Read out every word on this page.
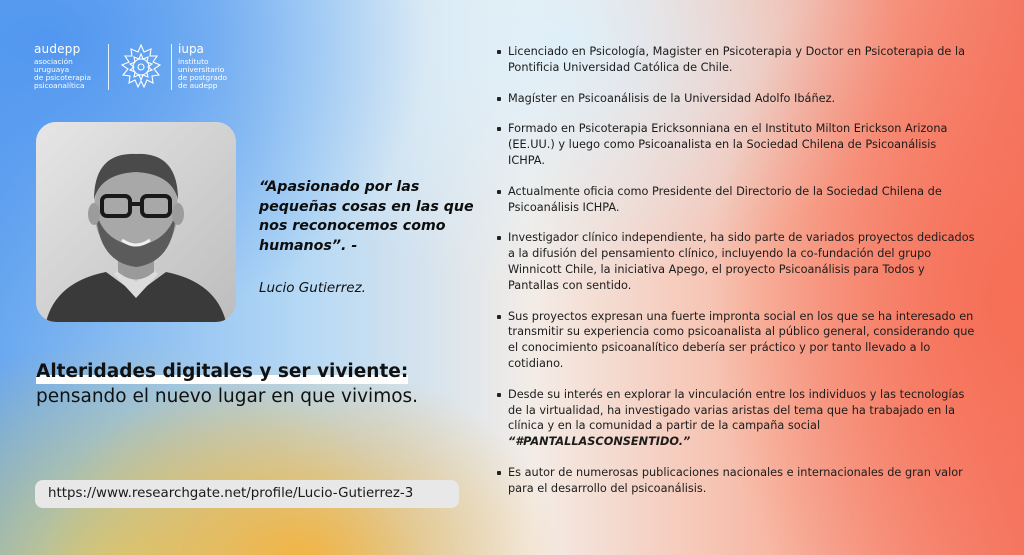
audepp
asociación
uruguaya
de psicoterapia
psicoanalítica
iupa
instituto
universitario
de postgrado
de audepp
“Apasionado por las pequeñas cosas en las que nos reconocemos como humanos”. -
Lucio Gutierrez.
Alteridades digitales y ser viviente:
pensando el nuevo lugar en que vivimos.
https://www.researchgate.net/profile/Lucio-Gutierrez-3
Licenciado en Psicología, Magister en Psicoterapia y Doctor en Psicoterapia de la Pontificia Universidad Católica de Chile.
Magíster en Psicoanálisis de la Universidad Adolfo Ibáñez.
Formado en Psicoterapia Ericksonniana en el Instituto Milton Erickson Arizona (EE.UU.) y luego como Psicoanalista en la Sociedad Chilena de Psicoanálisis ICHPA.
Actualmente oficia como Presidente del Directorio de la Sociedad Chilena de Psicoanálisis ICHPA.
Investigador clínico independiente, ha sido parte de variados proyectos dedicados a la difusión del pensamiento clínico, incluyendo la co-fundación del grupo Winnicott Chile, la iniciativa Apego, el proyecto Psicoanálisis para Todos y Pantallas con sentido.
Sus proyectos expresan una fuerte impronta social en los que se ha interesado en transmitir su experiencia como psicoanalista al público general, considerando que el conocimiento psicoanalítico debería ser práctico y por tanto llevado a lo cotidiano.
Desde su interés en explorar la vinculación entre los individuos y las tecnologías de la virtualidad, ha investigado varias aristas del tema que ha trabajado en la clínica y en la comunidad a partir de la campaña social
“#PANTALLASCONSENTIDO.”
Es autor de numerosas publicaciones nacionales e internacionales de gran valor para el desarrollo del psicoanálisis.
